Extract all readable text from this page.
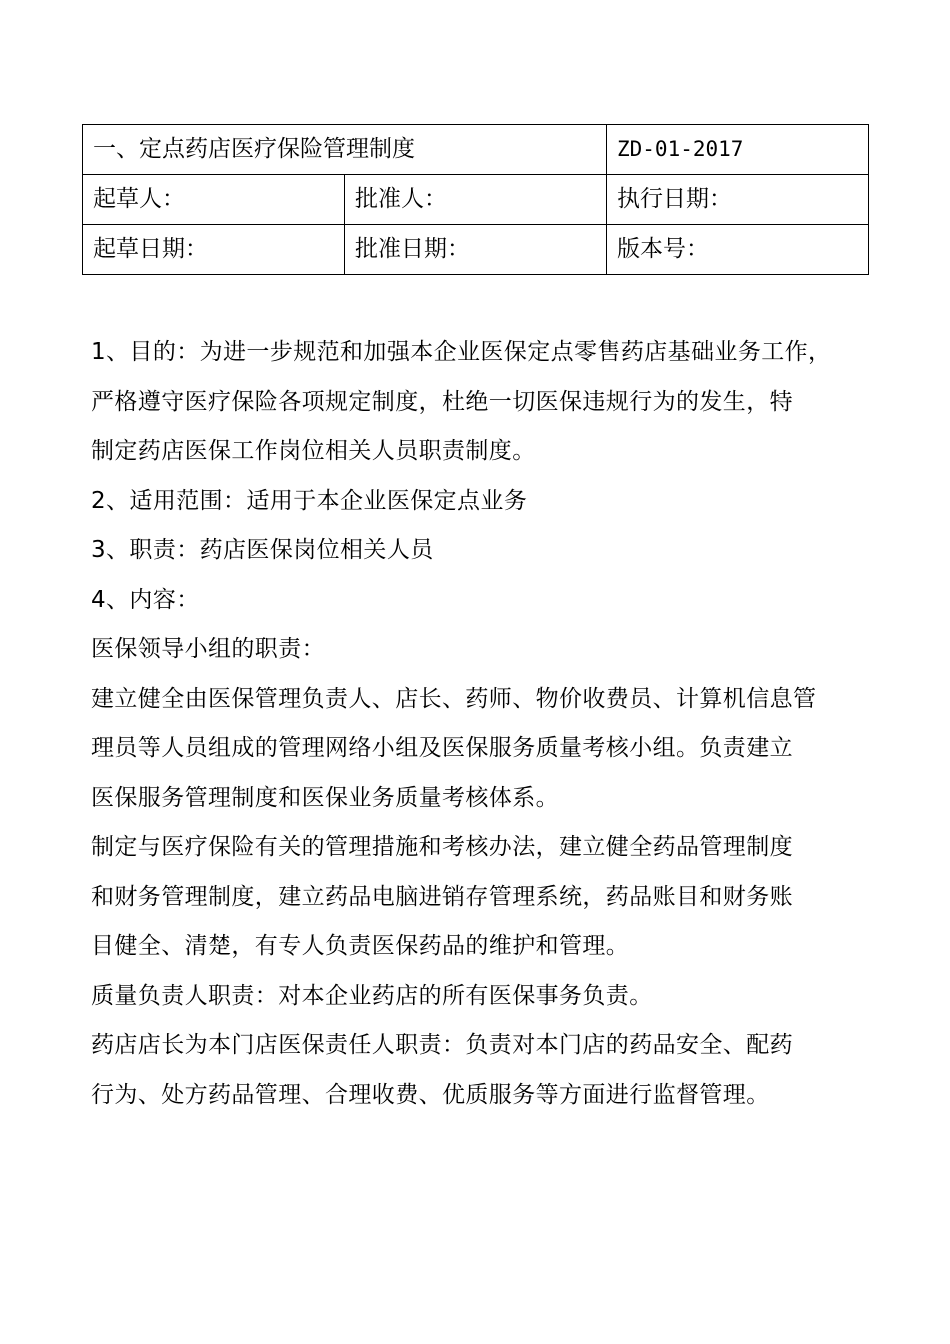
一、定点药店医疗保险管理制度		ZD-01-2017
起草人：	批准人：	执行日期：
起草日期：	批准日期：	版本号：

1、目的：为进一步规范和加强本企业医保定点零售药店基础业务工作，

严格遵守医疗保险各项规定制度，杜绝一切医保违规行为的发生，特

制定药店医保工作岗位相关人员职责制度。

2、适用范围：适用于本企业医保定点业务

3、职责：药店医保岗位相关人员

4、内容：

医保领导小组的职责：

建立健全由医保管理负责人、店长、药师、物价收费员、计算机信息管

理员等人员组成的管理网络小组及医保服务质量考核小组。负责建立

医保服务管理制度和医保业务质量考核体系。

制定与医疗保险有关的管理措施和考核办法，建立健全药品管理制度

和财务管理制度，建立药品电脑进销存管理系统，药品账目和财务账

目健全、清楚，有专人负责医保药品的维护和管理。

质量负责人职责：对本企业药店的所有医保事务负责。

药店店长为本门店医保责任人职责：负责对本门店的药品安全、配药

行为、处方药品管理、合理收费、优质服务等方面进行监督管理。
